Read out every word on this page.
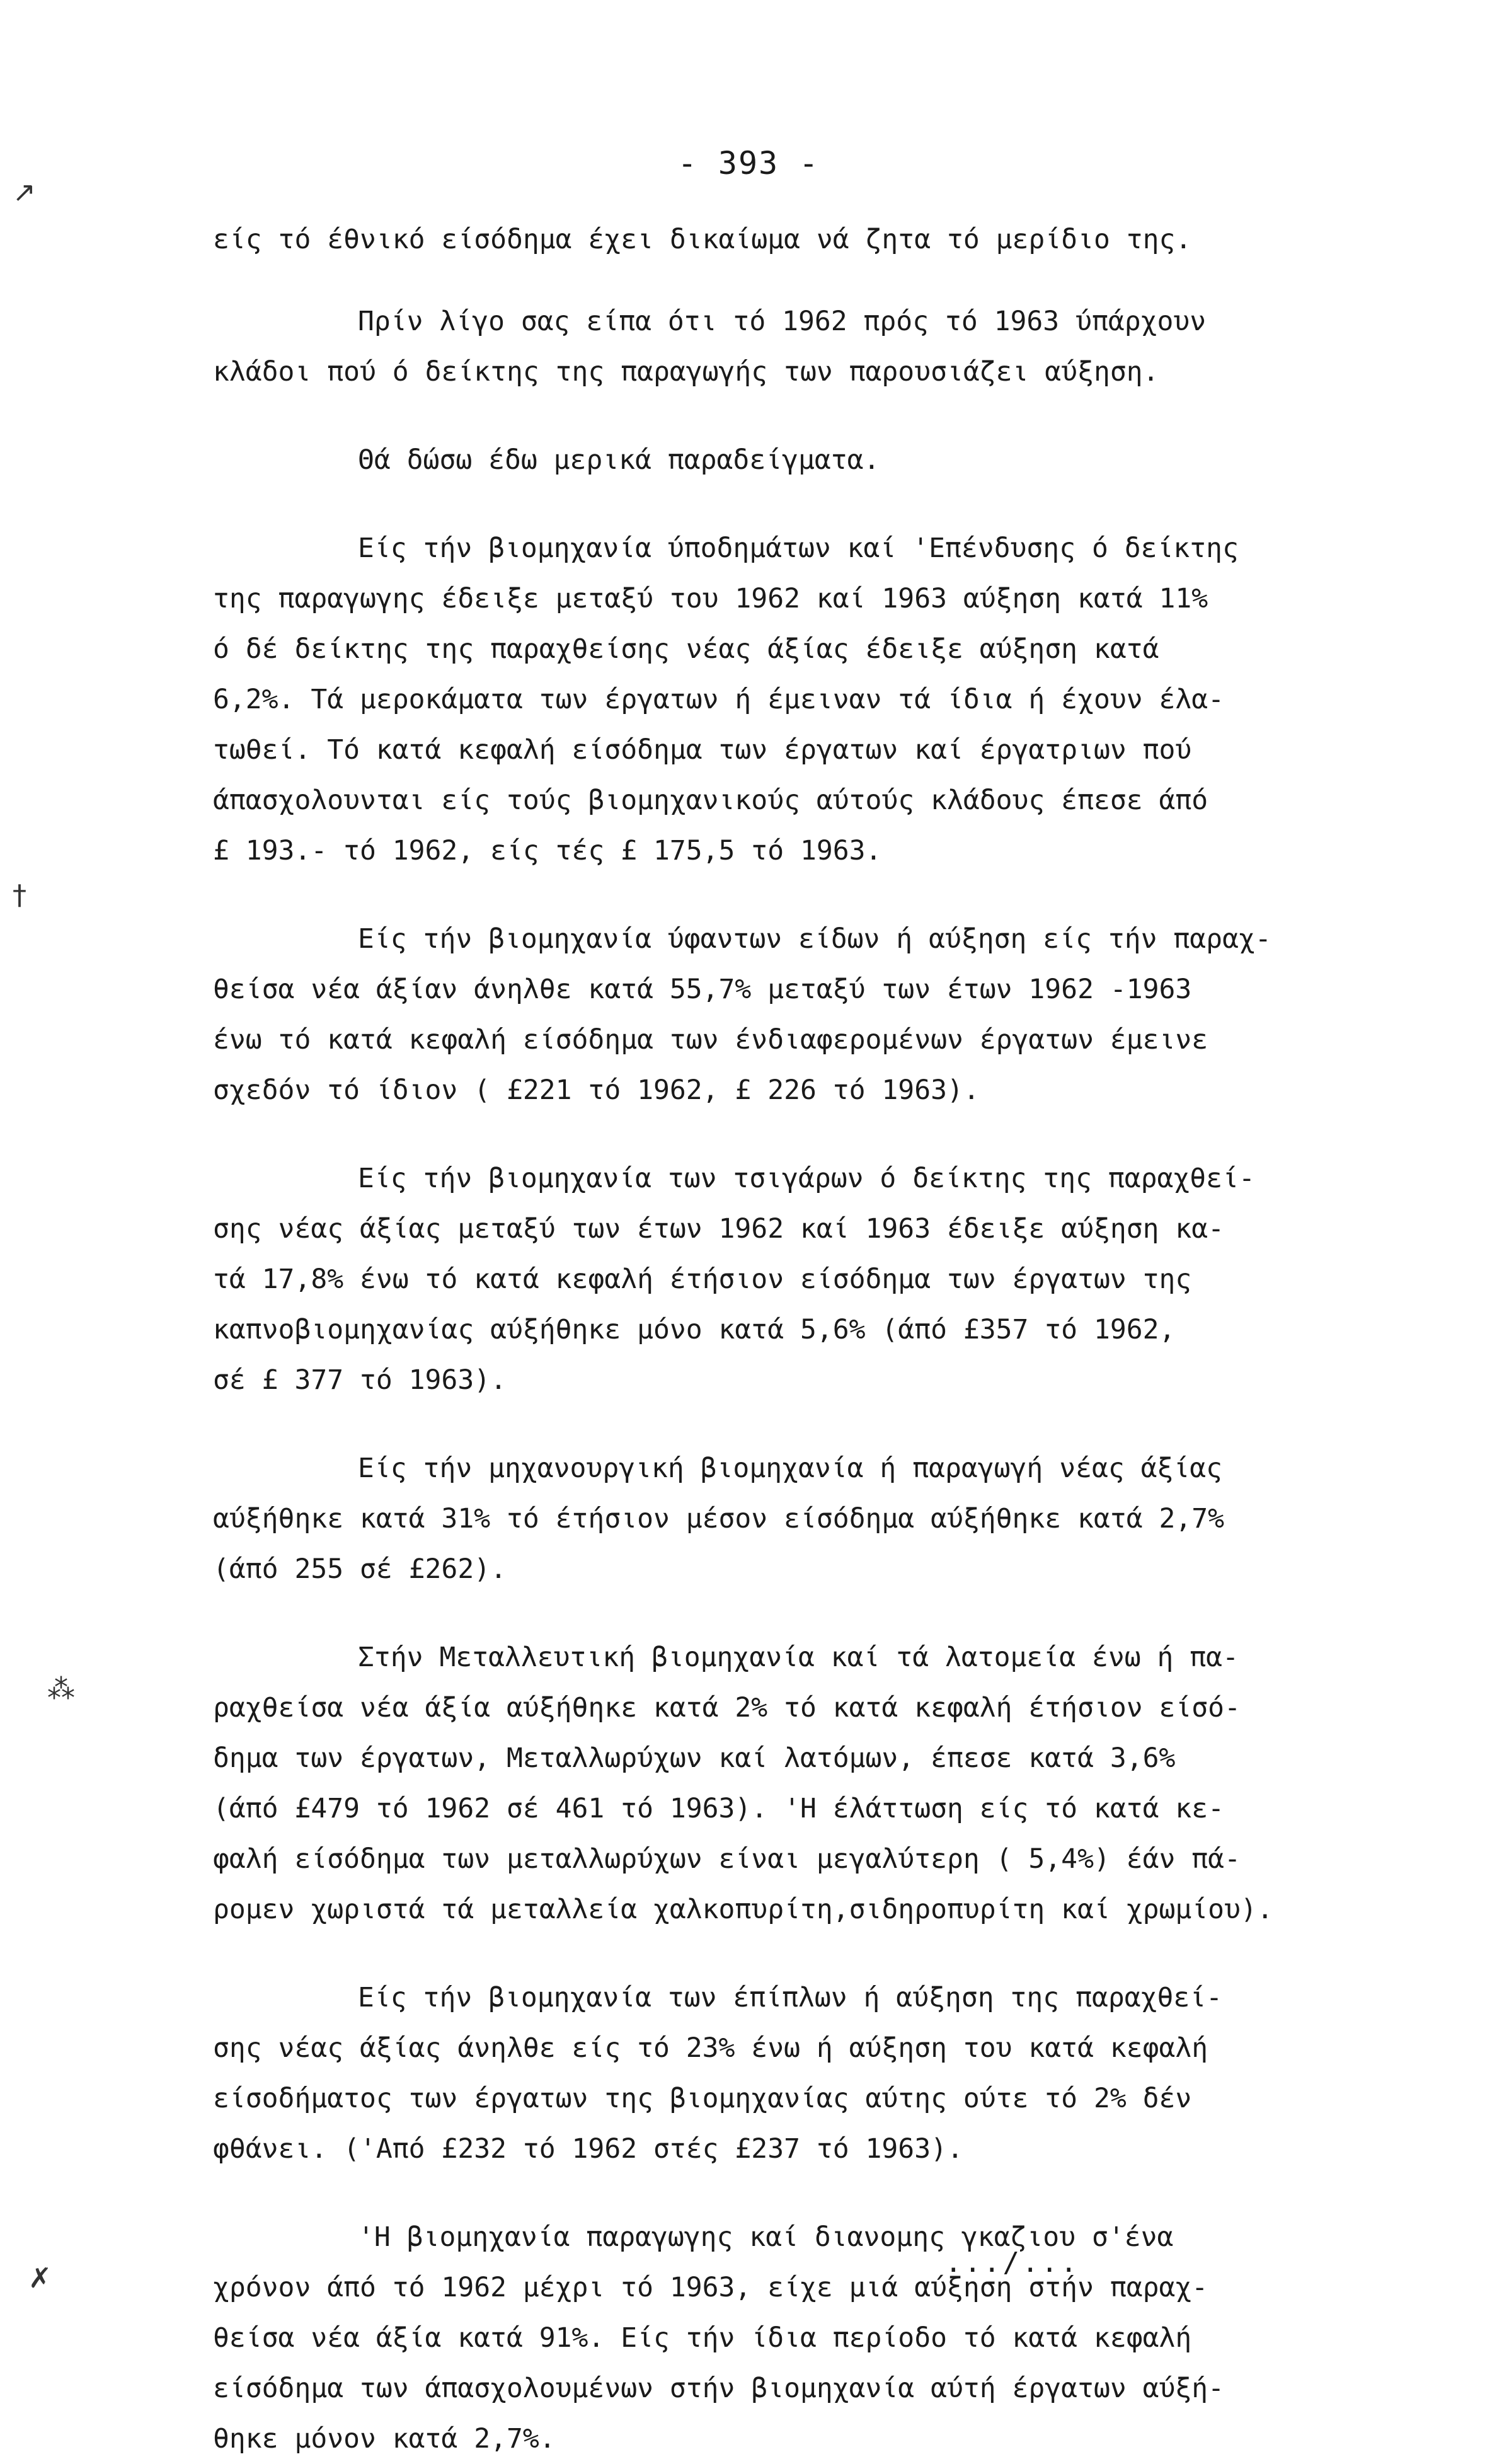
- 393 -
↗
†
⁂
✗
είς τό έθνικό είσόδημα έχει δικαίωμα νά ζητα τό μερίδιο της.
Πρίν λίγο σας είπα ότι τό 1962 πρός τό 1963 ύπάρχουν
κλάδοι πού ό δείκτης της παραγωγής των παρουσιάζει αύξηση.
Θά δώσω έδω μερικά παραδείγματα.
Είς τήν βιομηχανία ύποδημάτων καί 'Επένδυσης ό δείκτης
της παραγωγης έδειξε μεταξύ του 1962 καί 1963 αύξηση κατά 11%
ό δέ δείκτης της παραχθείσης νέας άξίας έδειξε αύξηση κατά
6,2%. Τά μεροκάματα των έργατων ή έμειναν τά ίδια ή έχουν έλα-
τωθεί. Τό κατά κεφαλή είσόδημα των έργατων καί έργατριων πού
άπασχολουνται είς τούς βιομηχανικούς αύτούς κλάδους έπεσε άπό
£ 193.- τό 1962, είς τές £ 175,5 τό 1963.
Είς τήν βιομηχανία ύφαντων είδων ή αύξηση είς τήν παραχ-
θείσα νέα άξίαν άνηλθε κατά 55,7% μεταξύ των έτων 1962 -1963
ένω τό κατά κεφαλή είσόδημα των ένδιαφερομένων έργατων έμεινε
σχεδόν τό ίδιον ( £221 τό 1962, £ 226 τό 1963).
Είς τήν βιομηχανία των τσιγάρων ό δείκτης της παραχθεί-
σης νέας άξίας μεταξύ των έτων 1962 καί 1963 έδειξε αύξηση κα-
τά 17,8% ένω τό κατά κεφαλή έτήσιον είσόδημα των έργατων της
καπνοβιομηχανίας αύξήθηκε μόνο κατά 5,6% (άπό £357 τό 1962,
σέ £ 377 τό 1963).
Είς τήν μηχανουργική βιομηχανία ή παραγωγή νέας άξίας
αύξήθηκε κατά 31% τό έτήσιον μέσον είσόδημα αύξήθηκε κατά 2,7%
(άπό 255 σέ £262).
Στήν Μεταλλευτική βιομηχανία καί τά λατομεία ένω ή πα-
ραχθείσα νέα άξία αύξήθηκε κατά 2% τό κατά κεφαλή έτήσιον είσό-
δημα των έργατων, Μεταλλωρύχων καί λατόμων, έπεσε κατά 3,6%
(άπό £479 τό 1962 σέ 461 τό 1963). 'Η έλάττωση είς τό κατά κε-
φαλή είσόδημα των μεταλλωρύχων είναι μεγαλύτερη ( 5,4%) έάν πά-
ρομεν χωριστά τά μεταλλεία χαλκοπυρίτη,σιδηροπυρίτη καί χρωμίου).
Είς τήν βιομηχανία των έπίπλων ή αύξηση της παραχθεί-
σης νέας άξίας άνηλθε είς τό 23% ένω ή αύξηση του κατά κεφαλή
είσοδήματος των έργατων της βιομηχανίας αύτης ούτε τό 2% δέν
φθάνει. ('Από £232 τό 1962 στές £237 τό 1963).
'Η βιομηχανία παραγωγης καί διανομης γκαζιου σ'ένα
χρόνον άπό τό 1962 μέχρι τό 1963, είχε μιά αύξηση στήν παραχ-
θείσα νέα άξία κατά 91%. Είς τήν ίδια περίοδο τό κατά κεφαλή
είσόδημα των άπασχολουμένων στήν βιομηχανία αύτή έργατων αύξή-
θηκε μόνον κατά 2,7%.
.../...
